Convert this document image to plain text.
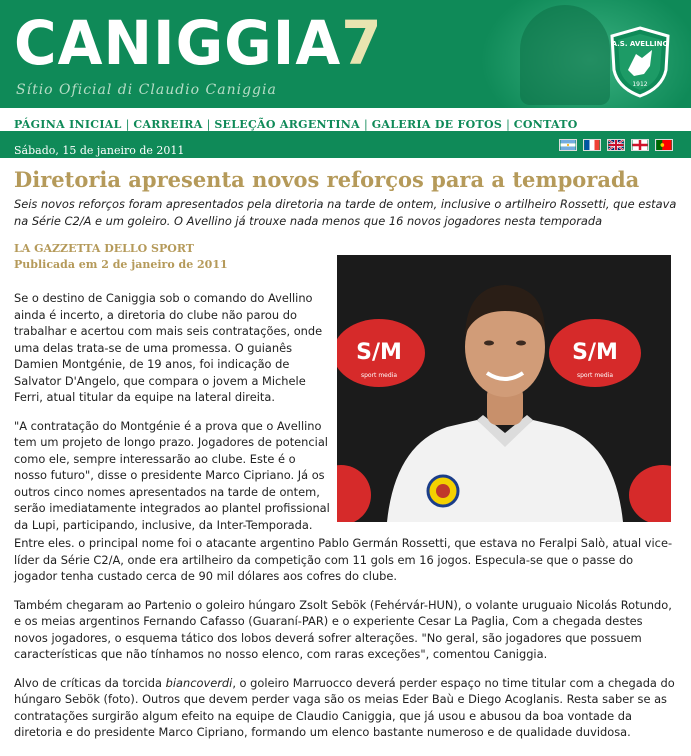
CANIGGIA7
Sítio Oficial di Claudio Caniggia
A.S. AVELLINO
1912
PÁGINA INICIAL | CARREIRA | SELEÇÃO ARGENTINA | GALERIA DE FOTOS | CONTATO
Sábado, 15 de janeiro de 2011
Diretoria apresenta novos reforços para a temporada

Seis novos reforços foram apresentados pela diretoria na tarde de ontem, inclusive o artilheiro Rossetti, que estava na Série C2/A e um goleiro. O Avellino já trouxe nada menos que 16 novos jogadores nesta temporada

LA GAZZETTA DELLO SPORT
Publicada em 2 de janeiro de 2011

Se o destino de Caniggia sob o comando do Avellino ainda é incerto, a diretoria do clube não parou do trabalhar e acertou com mais seis contratações, onde uma delas trata-se de uma promessa. O guianês Damien Montgénie, de 19 anos, foi indicação de Salvator D'Angelo, que compara o jovem a Michele Ferri, atual titular da equipe na lateral direita.

"A contratação do Montgénie é a prova que o Avellino tem um projeto de longo prazo. Jogadores de potencial como ele, sempre interessarão ao clube. Este é o nosso futuro", disse o presidente Marco Cipriano. Já os outros cinco nomes apresentados na tarde de ontem, serão imediatamente integrados ao plantel profissional da Lupi, participando, inclusive, da Inter-Temporada.

S/M
sport media
S/M
sport media

Entre eles. o principal nome foi o atacante argentino Pablo Germán Rossetti, que estava no Feralpi Salò, atual vice-líder da Série C2/A, onde era artilheiro da competição com 11 gols em 16 jogos. Especula-se que o passe do jogador tenha custado cerca de 90 mil dólares aos cofres do clube.

Também chegaram ao Partenio o goleiro húngaro Zsolt Sebök (Fehérvár-HUN), o volante uruguaio Nicolás Rotundo, e os meias argentinos Fernando Cafasso (Guaraní-PAR) e o experiente Cesar La Paglia, Com a chegada destes novos jogadores, o esquema tático dos lobos deverá sofrer alterações. "No geral, são jogadores que possuem características que não tínhamos no nosso elenco, com raras exceções", comentou Caniggia.

Alvo de críticas da torcida biancoverdi, o goleiro Marruocco deverá perder espaço no time titular com a chegada do húngaro Sebök (foto). Outros que devem perder vaga são os meias Eder Baù e Diego Acoglanis. Resta saber se as contratações surgirão algum efeito na equipe de Claudio Caniggia, que já usou e abusou da boa vontade da diretoria e do presidente Marco Cipriano, formando um elenco bastante numeroso e de qualidade duvidosa.
